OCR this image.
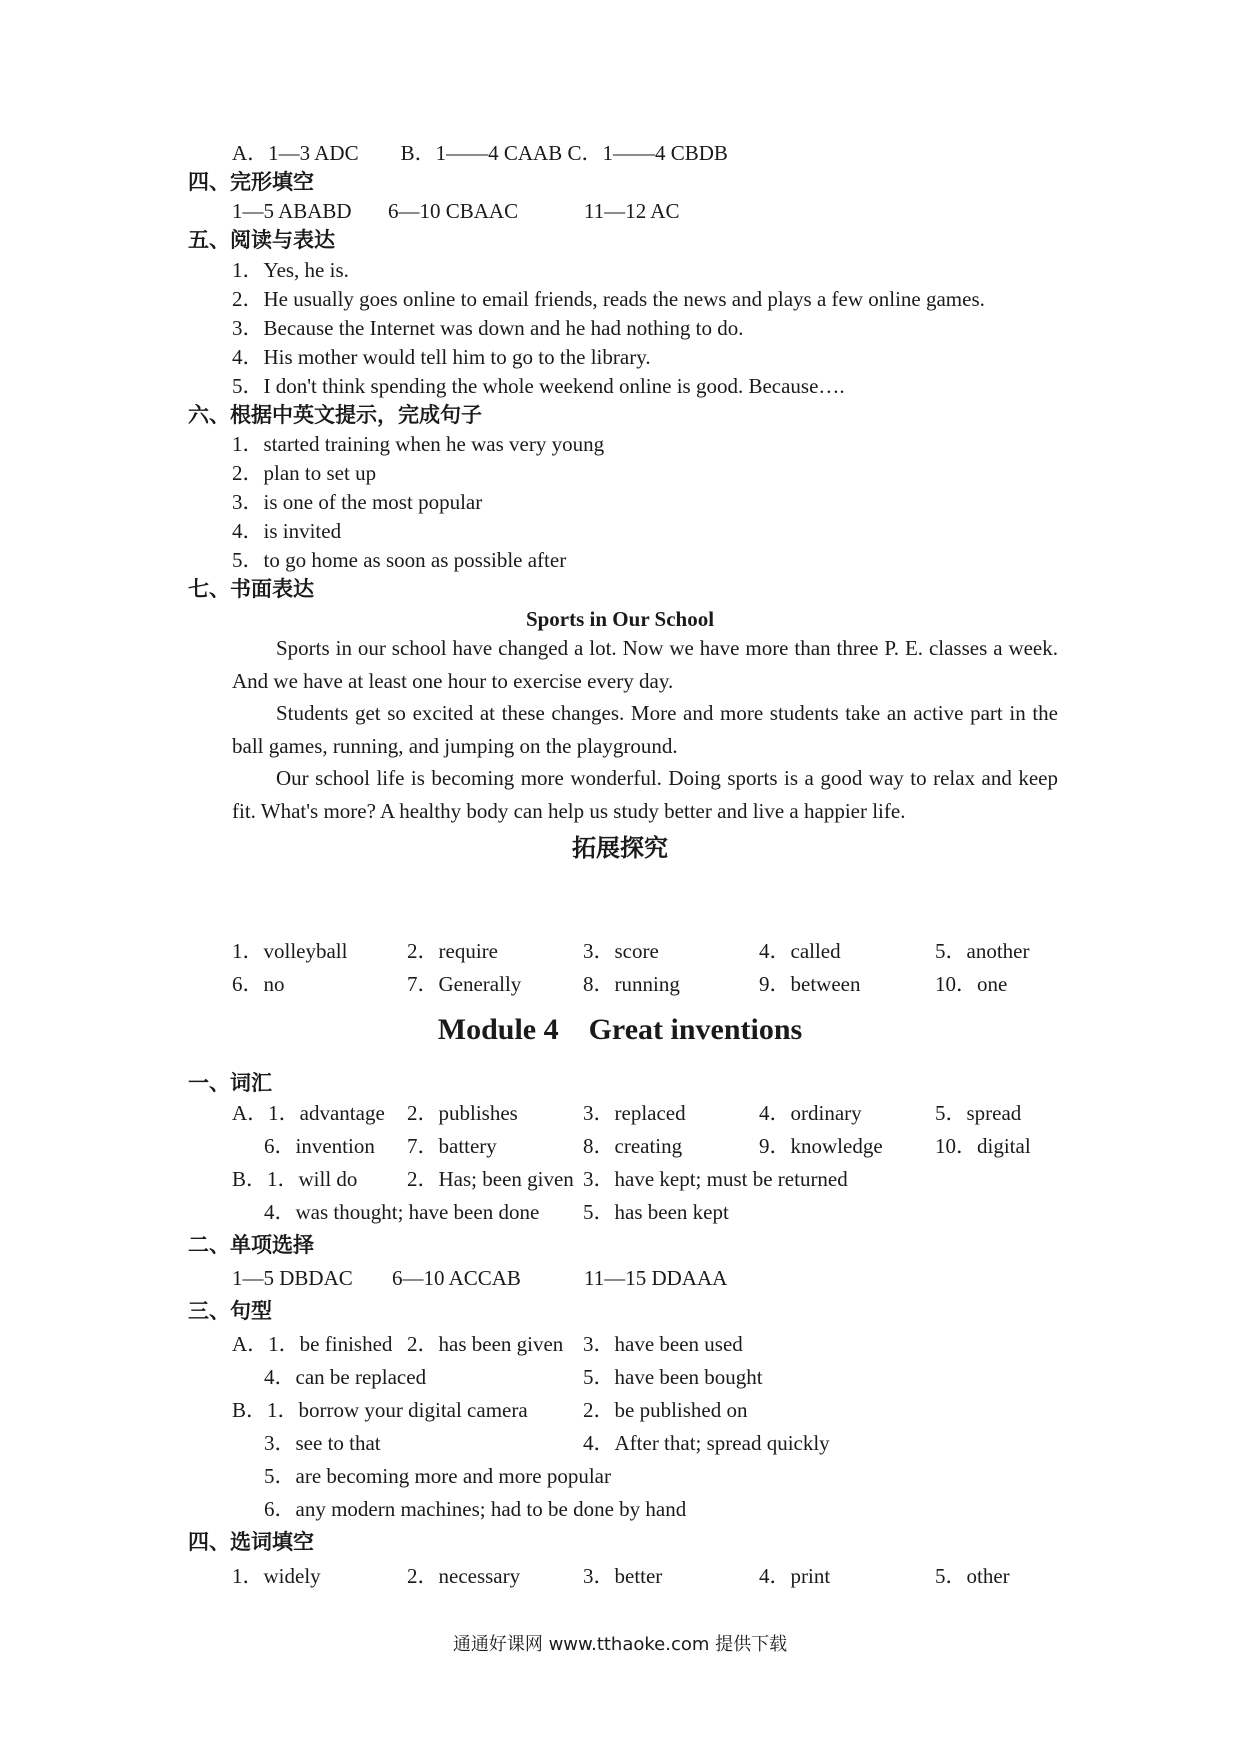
A．1—3 ADC　　B．1——4 CAAB C．1——4 CBDB
四、完形填空
1—5 ABABD 6—10 CBAAC	11—12 AC
五、阅读与表达
1．Yes, he is.
2．He usually goes online to email friends, reads the news and plays a few online games.
3．Because the Internet was down and he had nothing to do.
4．His mother would tell him to go to the library.
5．I don't think spending the whole weekend online is good. Because….
六、根据中英文提示，完成句子
1．started training when he was very young
2．plan to set up
3．is one of the most popular
4．is invited
5．to go home as soon as possible after
七、书面表达
Sports in Our School
Sports in our school have changed a lot. Now we have more than three P. E. classes a week. And we have at least one hour to exercise every day.
Students get so excited at these changes. More and more students take an active part in the ball games, running, and jumping on the playground.
Our school life is becoming more wonderful. Doing sports is a good way to relax and keep fit. What's more? A healthy body can help us study better and live a happier life.
拓展探究
1．volleyball	2．require	3．score	4．called	5．another
6．no	7．Generally	8．running	9．between	10．one
Module 4　Great inventions
一、词汇
A．1．advantage 2．publishes	3．replaced	4．ordinary	5．spread
6．invention 7．battery	8．creating	9．knowledge 10．digital
B．1．will do 2．Has; been given 3．have kept; must be returned
4．was thought; have been done 5．has been kept
二、单项选择
1—5 DBDAC 6—10 ACCAB	11—15 DDAAA
三、句型
A．1．be finished 2．has been given 3．have been used
4．can be replaced	5．have been bought
B．1．borrow your digital camera	2．be published on
3．see to that	4．After that; spread quickly
5．are becoming more and more popular
6．any modern machines; had to be done by hand
四、选词填空
1．widely	2．necessary	3．better	4．print	5．other
通通好课网 www.tthaoke.com 提供下载
